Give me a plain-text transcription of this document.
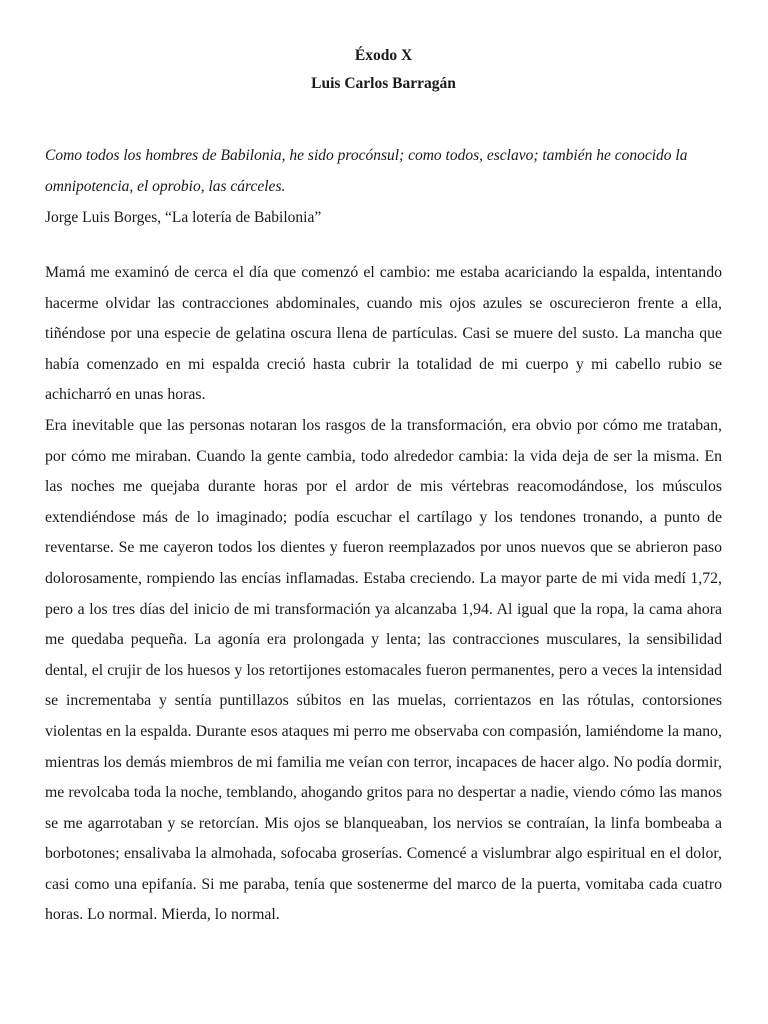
Éxodo X
Luis Carlos Barragán
Como todos los hombres de Babilonia, he sido procónsul; como todos, esclavo; también he conocido la omnipotencia, el oprobio, las cárceles.
Jorge Luis Borges, “La lotería de Babilonia”

Mamá me examinó de cerca el día que comenzó el cambio: me estaba acariciando la espalda, intentando hacerme olvidar las contracciones abdominales, cuando mis ojos azules se oscurecieron frente a ella, tiñéndose por una especie de gelatina oscura llena de partículas. Casi se muere del susto. La mancha que había comenzado en mi espalda creció hasta cubrir la totalidad de mi cuerpo y mi cabello rubio se achicharró en unas horas.

Era inevitable que las personas notaran los rasgos de la transformación, era obvio por cómo me trataban, por cómo me miraban. Cuando la gente cambia, todo alrededor cambia: la vida deja de ser la misma. En las noches me quejaba durante horas por el ardor de mis vértebras reacomodándose, los músculos extendiéndose más de lo imaginado; podía escuchar el cartílago y los tendones tronando, a punto de reventarse. Se me cayeron todos los dientes y fueron reemplazados por unos nuevos que se abrieron paso dolorosamente, rompiendo las encías inflamadas. Estaba creciendo. La mayor parte de mi vida medí 1,72, pero a los tres días del inicio de mi transformación ya alcanzaba 1,94. Al igual que la ropa, la cama ahora me quedaba pequeña. La agonía era prolongada y lenta; las contracciones musculares, la sensibilidad dental, el crujir de los huesos y los retortijones estomacales fueron permanentes, pero a veces la intensidad se incrementaba y sentía puntillazos súbitos en las muelas, corrientazos en las rótulas, contorsiones violentas en la espalda. Durante esos ataques mi perro me observaba con compasión, lamiéndome la mano, mientras los demás miembros de mi familia me veían con terror, incapaces de hacer algo. No podía dormir, me revolcaba toda la noche, temblando, ahogando gritos para no despertar a nadie, viendo cómo las manos se me agarrotaban y se retorcían. Mis ojos se blanqueaban, los nervios se contraían, la linfa bombeaba a borbotones; ensalivaba la almohada, sofocaba groserías. Comencé a vislumbrar algo espiritual en el dolor, casi como una epifanía. Si me paraba, tenía que sostenerme del marco de la puerta, vomitaba cada cuatro horas. Lo normal. Mierda, lo normal.
